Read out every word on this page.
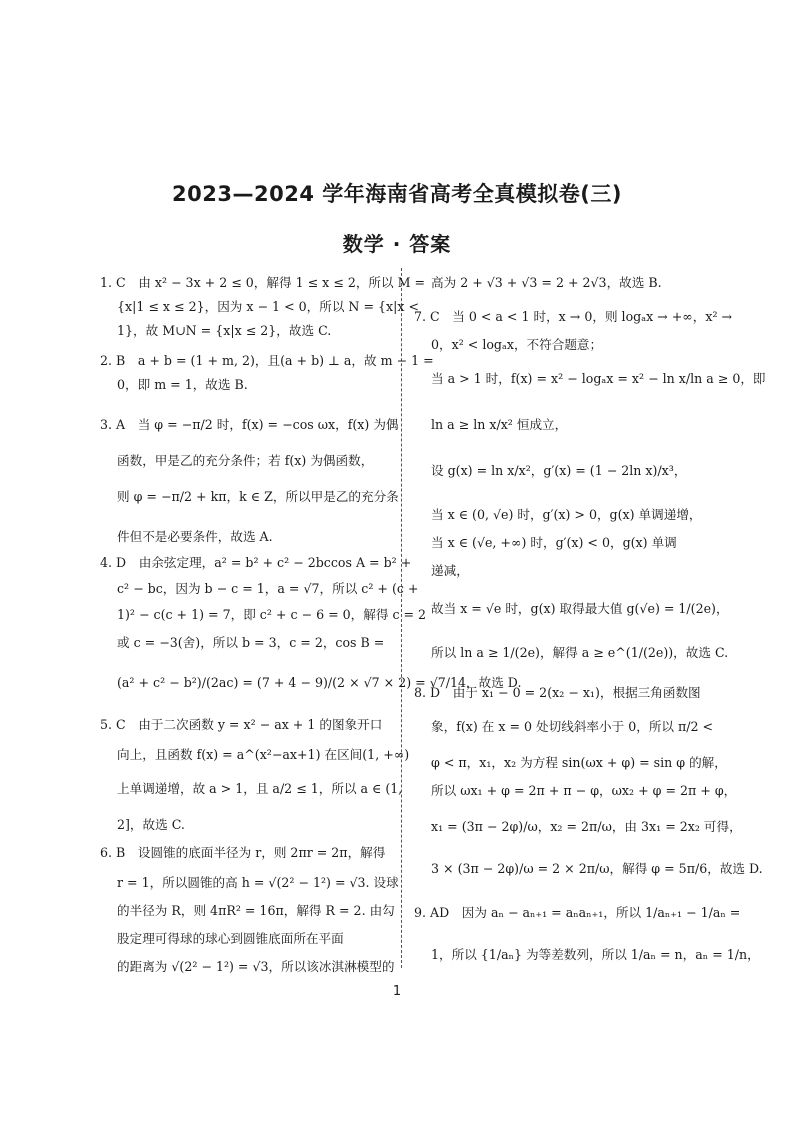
2023—2024 学年海南省高考全真模拟卷(三)
数学 · 答案
1. C　由 x² − 3x + 2 ≤ 0，解得 1 ≤ x ≤ 2，所以 M =
{x|1 ≤ x ≤ 2}，因为 x − 1 < 0，所以 N = {x|x <
1}，故 M∪N = {x|x ≤ 2}，故选 C.
2. B　a + b = (1 + m, 2)，且(a + b) ⊥ a，故 m − 1 =
0，即 m = 1，故选 B.
3. A　当 φ = −π/2 时，f(x) = −cos ωx，f(x) 为偶
函数，甲是乙的充分条件；若 f(x) 为偶函数，
则 φ = −π/2 + kπ，k ∈ Z，所以甲是乙的充分条
件但不是必要条件，故选 A.
4. D　由余弦定理，a² = b² + c² − 2bccos A = b² +
c² − bc，因为 b − c = 1，a = √7，所以 c² + (c +
1)² − c(c + 1) = 7，即 c² + c − 6 = 0，解得 c = 2
或 c = −3(舍)，所以 b = 3，c = 2，cos B =
(a² + c² − b²)/(2ac) = (7 + 4 − 9)/(2 × √7 × 2) = √7/14，故选 D.
5. C　由于二次函数 y = x² − ax + 1 的图象开口
向上，且函数 f(x) = a^(x²−ax+1) 在区间(1, +∞)
上单调递增，故 a > 1，且 a/2 ≤ 1，所以 a ∈ (1,
2]，故选 C.
6. B　设圆锥的底面半径为 r，则 2πr = 2π，解得
r = 1，所以圆锥的高 h = √(2² − 1²) = √3. 设球
的半径为 R，则 4πR² = 16π，解得 R = 2. 由勾
股定理可得球的球心到圆锥底面所在平面
的距离为 √(2² − 1²) = √3，所以该冰淇淋模型的
高为 2 + √3 + √3 = 2 + 2√3，故选 B.
7. C　当 0 < a < 1 时，x → 0，则 logₐx → +∞，x² →
0，x² < logₐx，不符合题意；
当 a > 1 时，f(x) = x² − logₐx = x² − ln x/ln a ≥ 0，即
ln a ≥ ln x/x² 恒成立，
设 g(x) = ln x/x²，g′(x) = (1 − 2ln x)/x³，
当 x ∈ (0, √e) 时，g′(x) > 0，g(x) 单调递增，
当 x ∈ (√e, +∞) 时，g′(x) < 0，g(x) 单调
递减，
故当 x = √e 时，g(x) 取得最大值 g(√e) = 1/(2e)，
所以 ln a ≥ 1/(2e)，解得 a ≥ e^(1/(2e))，故选 C.
8. D　由于 x₁ − 0 = 2(x₂ − x₁)，根据三角函数图
象，f(x) 在 x = 0 处切线斜率小于 0，所以 π/2 <
φ < π，x₁，x₂ 为方程 sin(ωx + φ) = sin φ 的解，
所以 ωx₁ + φ = 2π + π − φ，ωx₂ + φ = 2π + φ，
x₁ = (3π − 2φ)/ω，x₂ = 2π/ω，由 3x₁ = 2x₂ 可得，
3 × (3π − 2φ)/ω = 2 × 2π/ω，解得 φ = 5π/6，故选 D.
9. AD　因为 aₙ − aₙ₊₁ = aₙaₙ₊₁，所以 1/aₙ₊₁ − 1/aₙ =
1，所以 {1/aₙ} 为等差数列，所以 1/aₙ = n，aₙ = 1/n，
1
